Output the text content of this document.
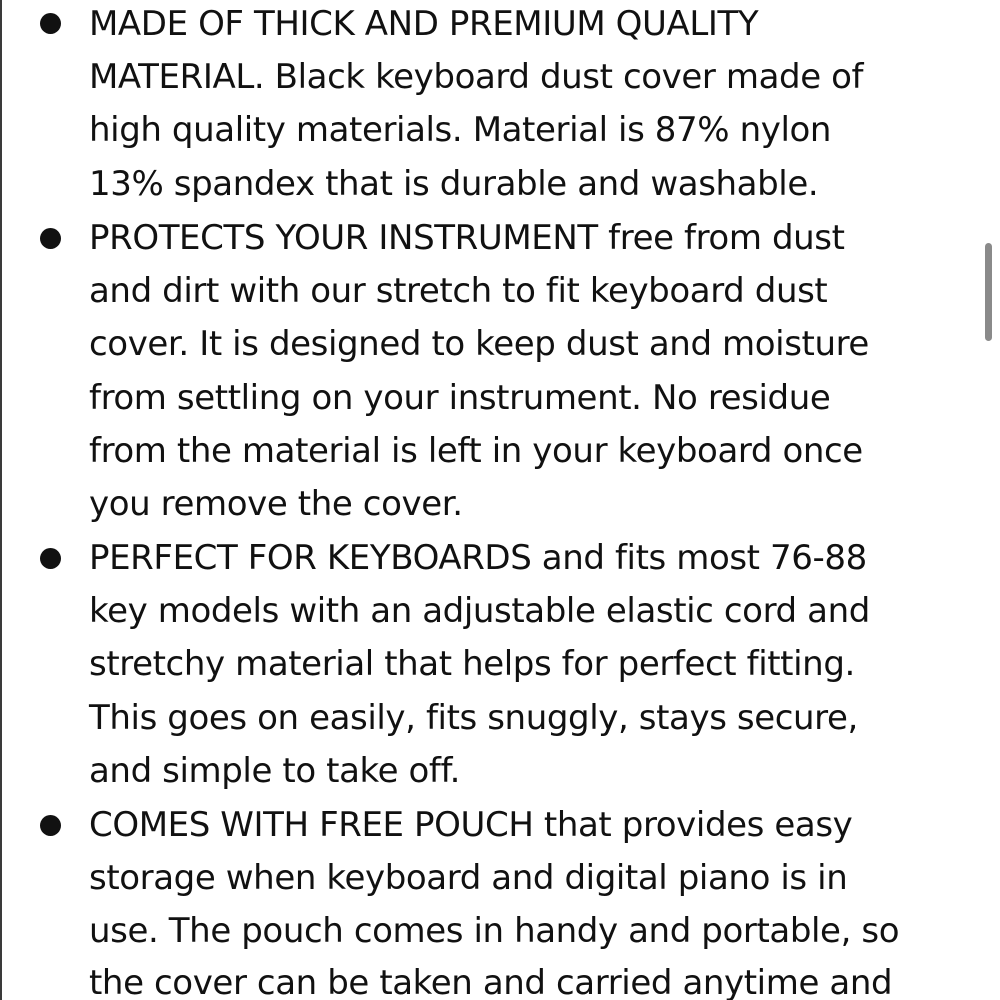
MADE OF THICK AND PREMIUM QUALITY
MATERIAL. Black keyboard dust cover made of
high quality materials. Material is 87% nylon
13% spandex that is durable and washable.
PROTECTS YOUR INSTRUMENT free from dust
and dirt with our stretch to fit keyboard dust
cover. It is designed to keep dust and moisture
from settling on your instrument. No residue
from the material is left in your keyboard once
you remove the cover.
PERFECT FOR KEYBOARDS and fits most 76-88
key models with an adjustable elastic cord and
stretchy material that helps for perfect fitting.
This goes on easily, fits snuggly, stays secure,
and simple to take off.
COMES WITH FREE POUCH that provides easy
storage when keyboard and digital piano is in
use. The pouch comes in handy and portable, so
the cover can be taken and carried anytime and
